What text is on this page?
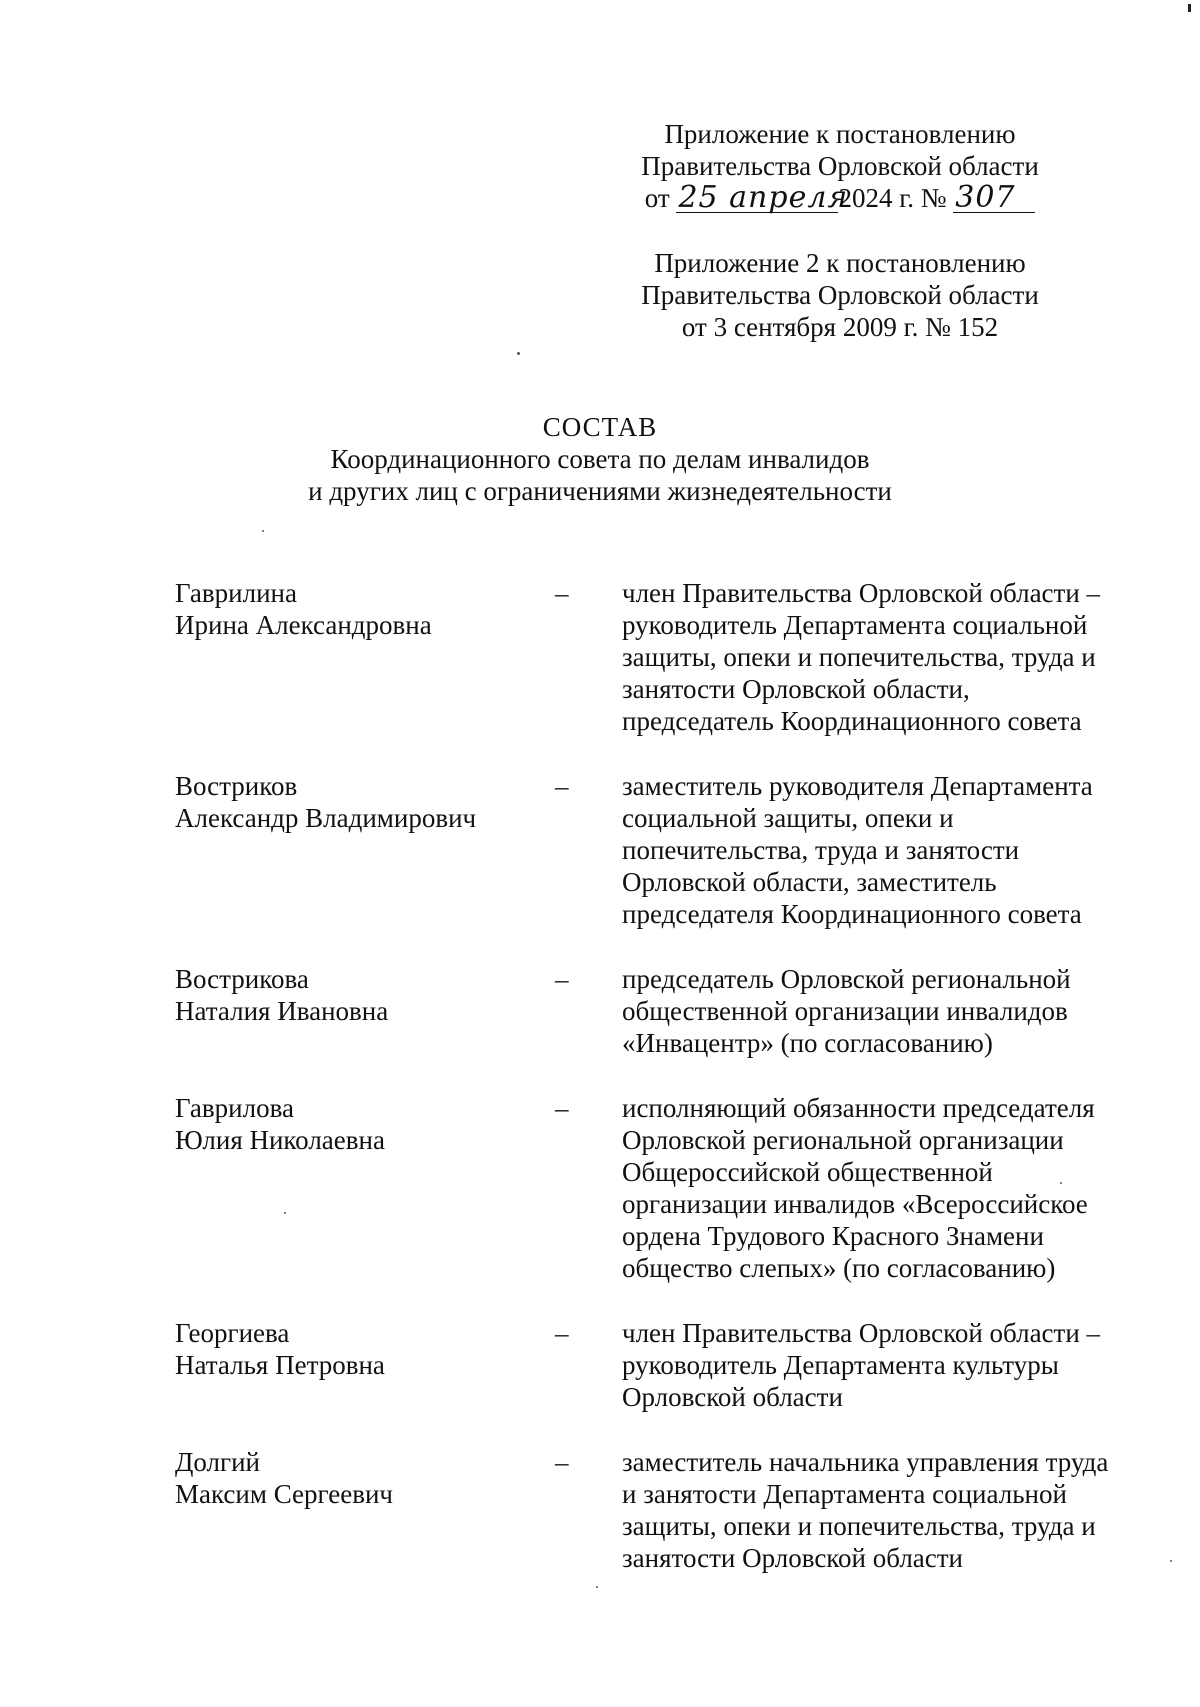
Приложение к постановлению
Правительства Орловской области
от 25 апреля2024 г. № 307
Приложение 2 к постановлению
Правительства Орловской области
от 3 сентября 2009 г. № 152
СОСТАВ
Координационного совета по делам инвалидов
и других лиц с ограничениями жизнедеятельности
Гаврилина
Ирина Александровна
–	член Правительства Орловской области – руководитель Департамента социальной защиты, опеки и попечительства, труда и занятости Орловской области, председатель Координационного совета
Востриков
Александр Владимирович
–	заместитель руководителя Департамента социальной защиты, опеки и попечительства, труда и занятости Орловской области, заместитель председателя Координационного совета
Вострикова
Наталия Ивановна
–	председатель Орловской региональной общественной организации инвалидов «Инвацентр» (по согласованию)
Гаврилова
Юлия Николаевна
–	исполняющий обязанности председателя Орловской региональной организации Общероссийской общественной организации инвалидов «Всероссийское ордена Трудового Красного Знамени общество слепых» (по согласованию)
Георгиева
Наталья Петровна
–	член Правительства Орловской области – руководитель Департамента культуры Орловской области
Долгий
Максим Сергеевич
–	заместитель начальника управления труда и занятости Департамента социальной защиты, опеки и попечительства, труда и занятости Орловской области
